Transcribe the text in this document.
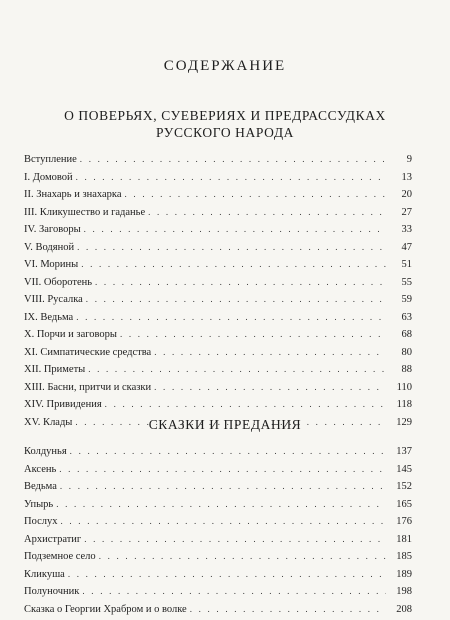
СОДЕРЖАНИЕ
О ПОВЕРЬЯХ, СУЕВЕРИЯХ И ПРЕДРАССУДКАХ
РУССКОГО НАРОДА
Вступление . . .	9
I. Домовой . . .	13
II. Знахарь и знахарка . . .	20
III. Кликушество и гаданье . . .	27
IV. Заговоры . . .	33
V. Водяной . . .	47
VI. Морины . . .	51
VII. Оборотень . . .	55
VIII. Русалка . . .	59
IX. Ведьма . . .	63
X. Порчи и заговоры . . .	68
XI. Симпатические средства . . .	80
XII. Приметы . . .	88
XIII. Басни, притчи и сказки . . .	110
XIV. Привидения . . .	118
XV. Клады . . .	129
СКАЗКИ И ПРЕДАНИЯ
Колдунья . . .	137
Аксень . . .	145
Ведьма . . .	152
Упырь . . .	165
Послух . . .	176
Архистратиг . . .	181
Подземное село . . .	185
Кликуша . . .	189
Полуночник . . .	198
Сказка о Георгии Храбром и о волке . . .	208
